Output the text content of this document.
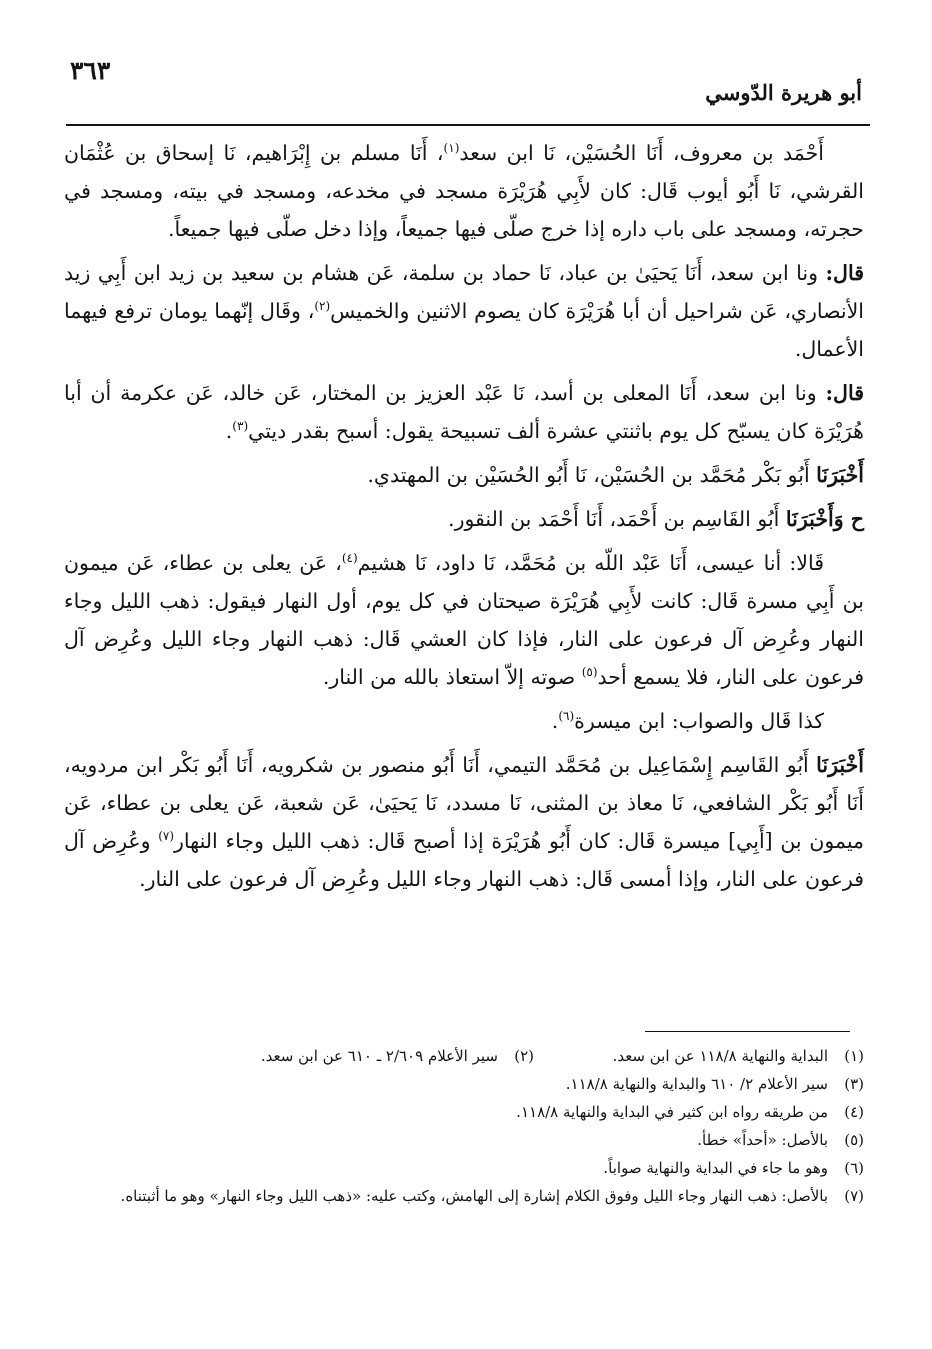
٣٦٣
أبو هريرة الدّوسي

أَحْمَد بن معروف، أَنَا الحُسَيْن، نَا ابن سعد$^{(١)}$، أَنَا مسلم بن إِبْرَاهيم، نَا إسحاق بن عُثْمَان القرشي، نَا أَبُو أيوب قَال: كان لأَبِي هُرَيْرَة مسجد في مخدعه، ومسجد في بيته، ومسجد في حجرته، ومسجد على باب داره إذا خرج صلّى فيها جميعاً، وإذا دخل صلّى فيها جميعاً.

قال: ونا ابن سعد، أَنَا يَحيَىٰ بن عباد، نَا حماد بن سلمة، عَن هشام بن سعيد بن زيد ابن أَبِي زيد الأنصاري، عَن شراحيل أن أبا هُرَيْرَة كان يصوم الاثنين والخميس$^{(٢)}$، وقَال إنّهما يومان ترفع فيهما الأعمال.

قال: ونا ابن سعد، أَنَا المعلى بن أسد، نَا عَبْد العزيز بن المختار، عَن خالد، عَن عكرمة أن أبا هُرَيْرَة كان يسبّح كل يوم باثنتي عشرة ألف تسبيحة يقول: أسبح بقدر ديتي$^{(٣)}$.

أَخْبَرَنَا أَبُو بَكْر مُحَمَّد بن الحُسَيْن، نَا أَبُو الحُسَيْن بن المهتدي.

ح وَأَخْبَرَنَا أَبُو القَاسِم بن أَحْمَد، أَنَا أَحْمَد بن النقور.

قَالا: أنا عيسى، أَنَا عَبْد اللّه بن مُحَمَّد، نَا داود، نَا هشيم$^{(٤)}$، عَن يعلى بن عطاء، عَن ميمون بن أَبِي مسرة قَال: كانت لأَبِي هُرَيْرَة صيحتان في كل يوم، أول النهار فيقول: ذهب الليل وجاء النهار وعُرِض آل فرعون على النار، فإذا كان العشي قَال: ذهب النهار وجاء الليل وعُرِض آل فرعون على النار، فلا يسمع أحد$^{(٥)}$ صوته إلاّ استعاذ بالله من النار.

كذا قَال والصواب: ابن ميسرة$^{(٦)}$.

أَخْبَرَنَا أَبُو القَاسِم إِسْمَاعِيل بن مُحَمَّد التيمي، أَنَا أَبُو منصور بن شكرويه، أَنَا أَبُو بَكْر ابن مردويه، أَنَا أَبُو بَكْر الشافعي، نَا معاذ بن المثنى، نَا مسدد، نَا يَحيَىٰ، عَن شعبة، عَن يعلى بن عطاء، عَن ميمون بن [أَبِي] ميسرة قَال: كان أَبُو هُرَيْرَة إذا أصبح قَال: ذهب الليل وجاء النهار$^{(٧)}$ وعُرِض آل فرعون على النار، وإذا أمسى قَال: ذهب النهار وجاء الليل وعُرِض آل فرعون على النار.

(١)
البداية والنهاية ١١٨/٨ عن ابن سعد.
(٢)
سير الأعلام ٢/٦٠٩ ـ ٦١٠ عن ابن سعد.
(٣)
سير الأعلام ٢/ ٦١٠ والبداية والنهاية ١١٨/٨.
(٤)
من طريقه رواه ابن كثير في البداية والنهاية ١١٨/٨.
(٥)
بالأصل: «أحداً» خطأ.
(٦)
وهو ما جاء في البداية والنهاية صواباً.
(٧)
بالأصل: ذهب النهار وجاء الليل وفوق الكلام إشارة إلى الهامش، وكتب عليه: «ذهب الليل وجاء النهار» وهو ما أثبتناه.
